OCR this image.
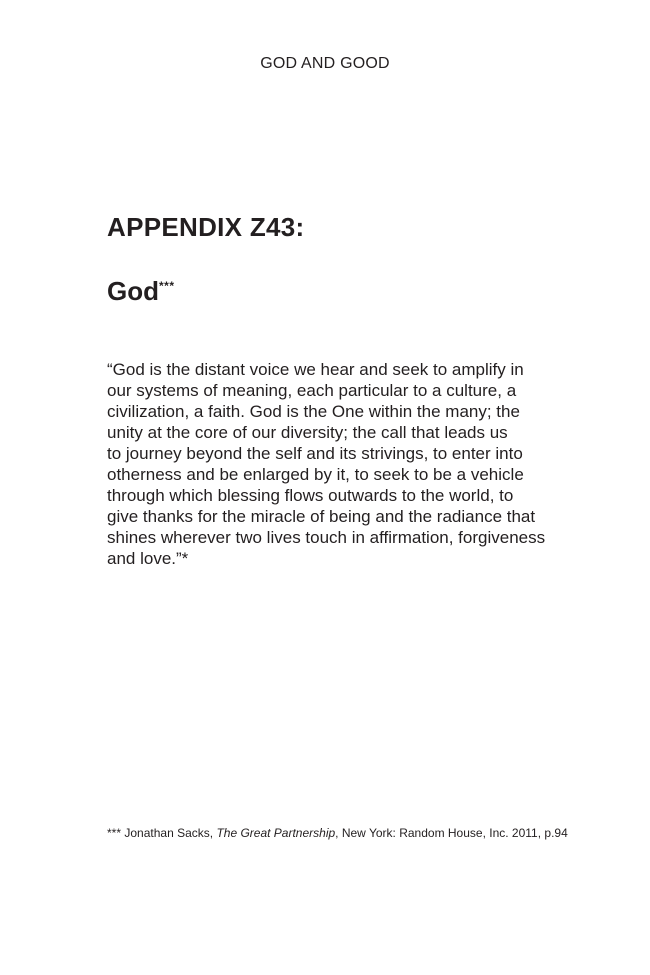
GOD AND GOOD
APPENDIX Z43:
God***

“God is the distant voice we hear and seek to amplify in
our systems of meaning, each particular to a culture, a
civilization, a faith. God is the One within the many; the
unity at the core of our diversity; the call that leads us
to journey beyond the self and its strivings, to enter into
otherness and be enlarged by it, to seek to be a vehicle
through which blessing flows outwards to the world, to
give thanks for the miracle of being and the radiance that
shines wherever two lives touch in affirmation, forgiveness
and love.”*

*** Jonathan Sacks, The Great Partnership, New York: Random House, Inc. 2011, p.94
